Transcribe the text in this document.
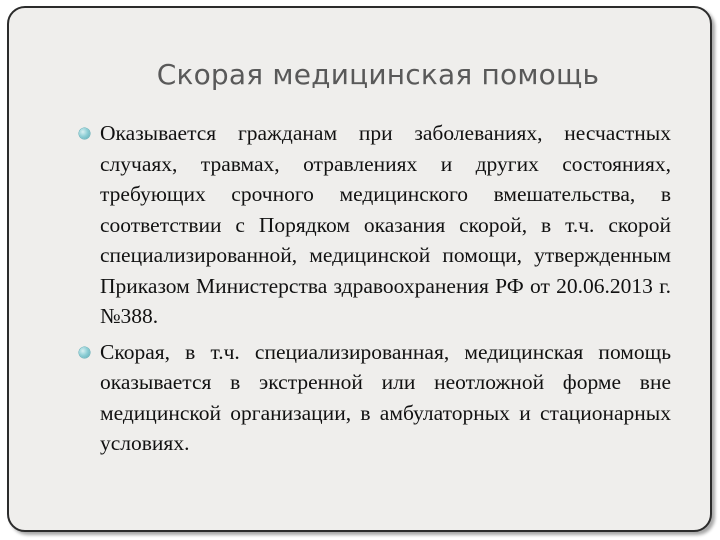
Скорая медицинская помощь
Оказывается гражданам при заболеваниях, несчастных случаях, травмах, отравлениях и других состояниях, требующих срочного медицинского вмешательства, в соответствии с Порядком оказания скорой, в т.ч. скорой специализированной, медицинской помощи, утвержденным Приказом Министерства здравоохранения РФ от 20.06.2013 г. №388.
Скорая, в т.ч. специализированная, медицинская помощь оказывается в экстренной или неотложной форме вне медицинской организации, в амбулаторных и стационарных условиях.
